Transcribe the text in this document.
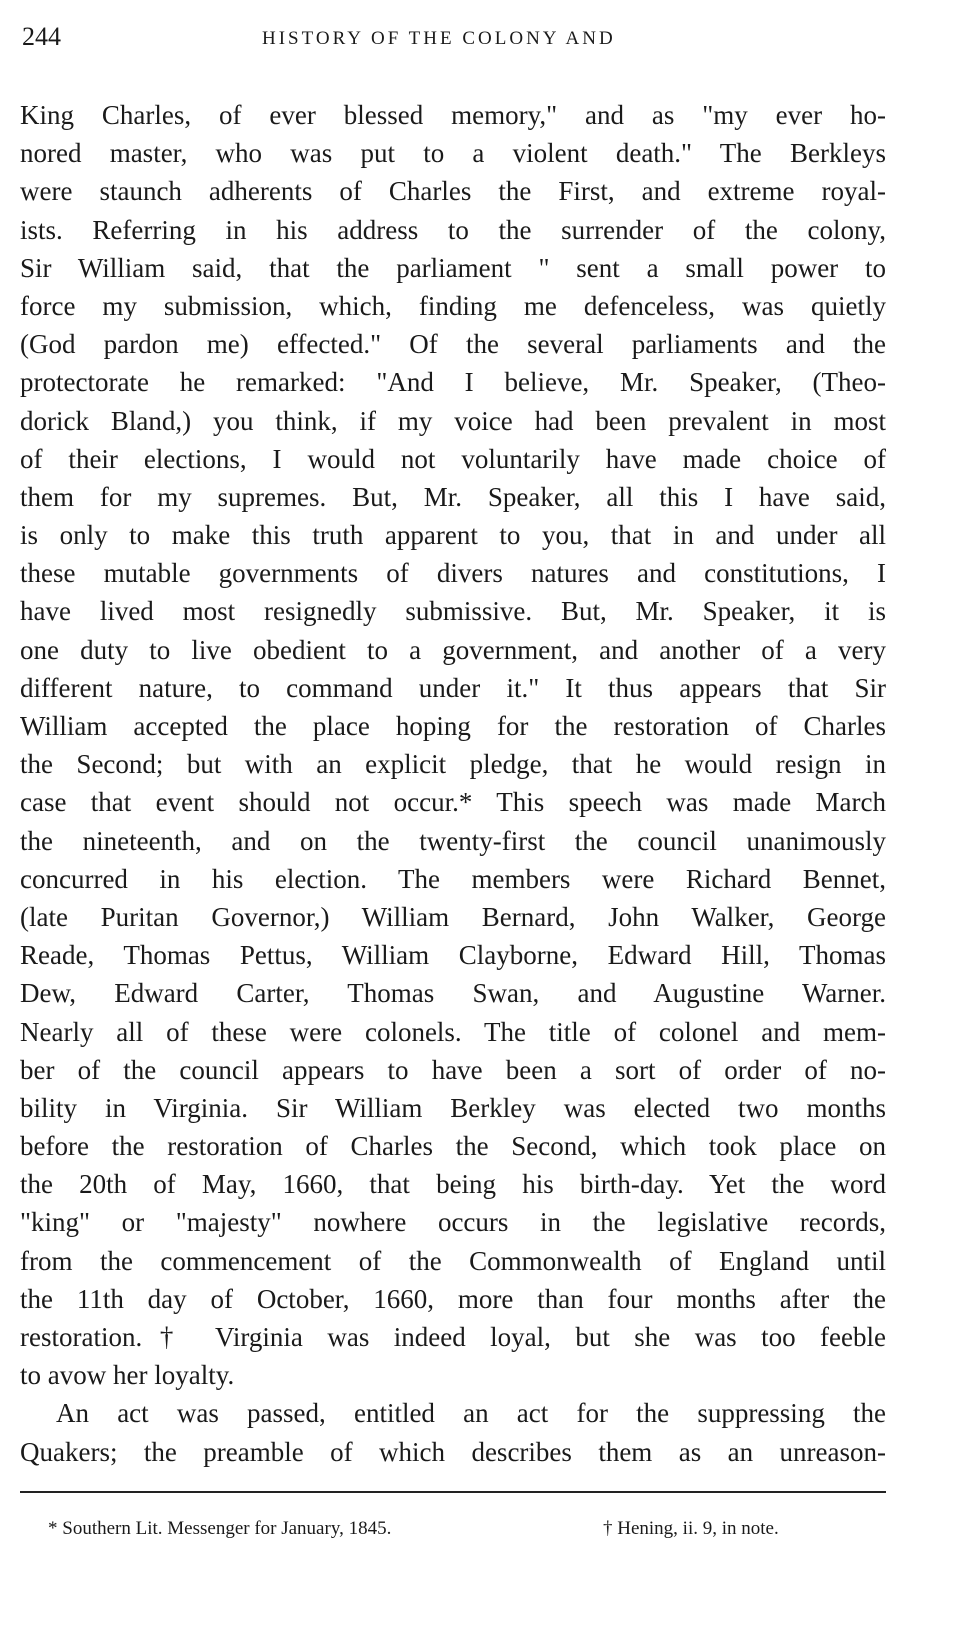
244	HISTORY OF THE COLONY AND
King Charles, of ever blessed memory," and as "my ever ho-
nored master, who was put to a violent death." The Berkleys
were staunch adherents of Charles the First, and extreme royal-
ists. Referring in his address to the surrender of the colony,
Sir William said, that the parliament " sent a small power to
force my submission, which, finding me defenceless, was quietly
(God pardon me) effected." Of the several parliaments and the
protectorate he remarked: "And I believe, Mr. Speaker, (Theo-
dorick Bland,) you think, if my voice had been prevalent in most
of their elections, I would not voluntarily have made choice of
them for my supremes. But, Mr. Speaker, all this I have said,
is only to make this truth apparent to you, that in and under all
these mutable governments of divers natures and constitutions, I
have lived most resignedly submissive. But, Mr. Speaker, it is
one duty to live obedient to a government, and another of a very
different nature, to command under it." It thus appears that Sir
William accepted the place hoping for the restoration of Charles
the Second; but with an explicit pledge, that he would resign in
case that event should not occur.* This speech was made March
the nineteenth, and on the twenty-first the council unanimously
concurred in his election. The members were Richard Bennet,
(late Puritan Governor,) William Bernard, John Walker, George
Reade, Thomas Pettus, William Clayborne, Edward Hill, Thomas
Dew, Edward Carter, Thomas Swan, and Augustine Warner.
Nearly all of these were colonels. The title of colonel and mem-
ber of the council appears to have been a sort of order of no-
bility in Virginia. Sir William Berkley was elected two months
before the restoration of Charles the Second, which took place on
the 20th of May, 1660, that being his birth-day. Yet the word
"king" or "majesty" nowhere occurs in the legislative records,
from the commencement of the Commonwealth of England until
the 11th day of October, 1660, more than four months after the
restoration.† Virginia was indeed loyal, but she was too feeble
to avow her loyalty.
An act was passed, entitled an act for the suppressing the
Quakers; the preamble of which describes them as an unreason-
* Southern Lit. Messenger for January, 1845.	† Hening, ii. 9, in note.
